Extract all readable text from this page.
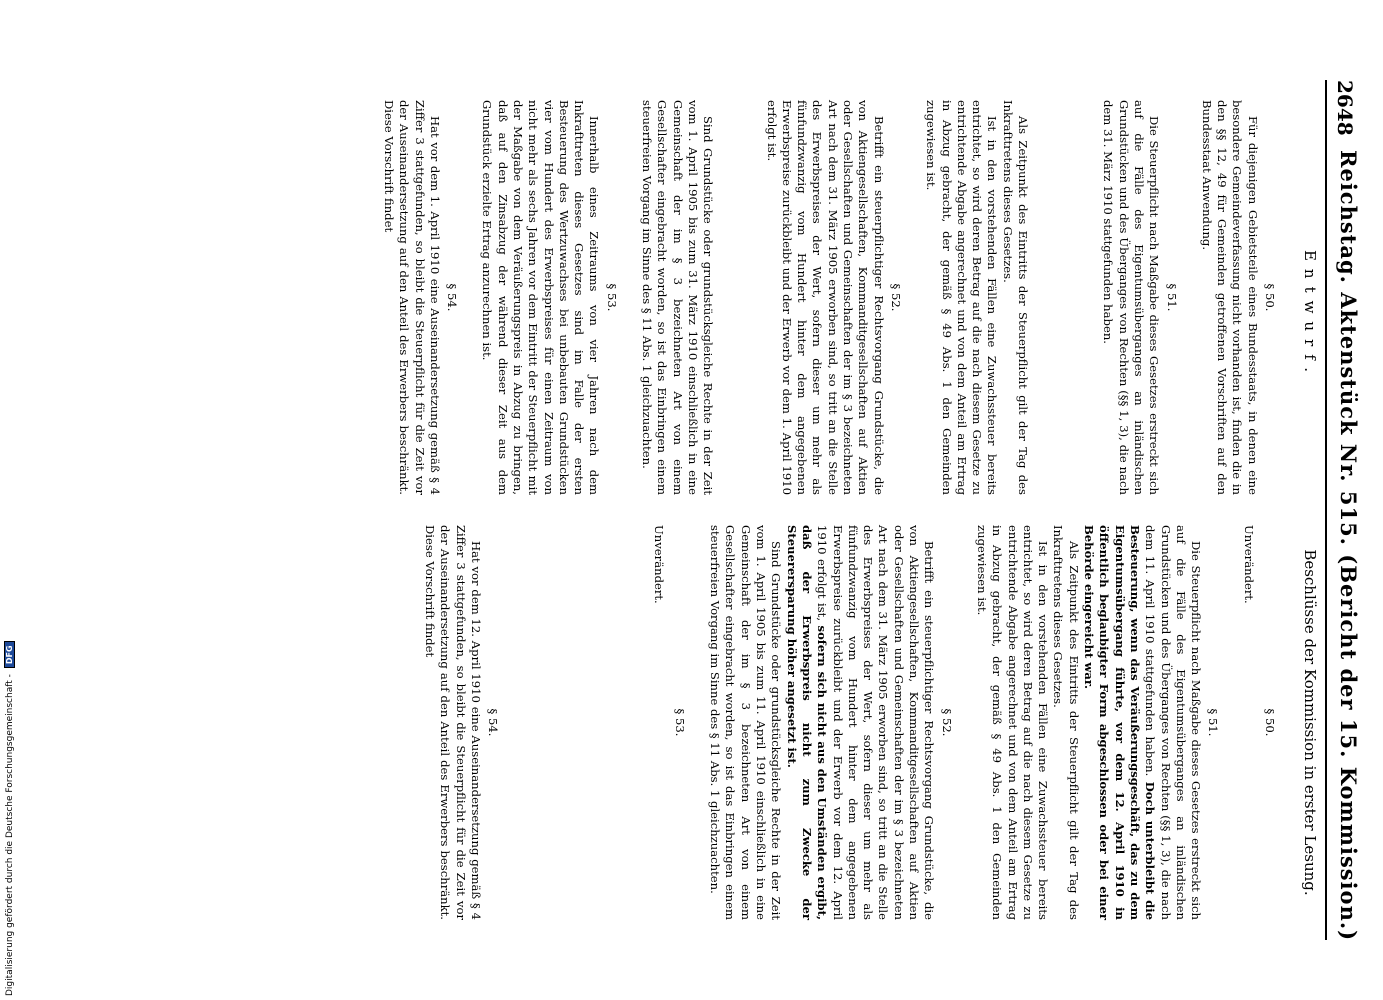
2648
Reichstag. Aktenstück Nr. 515. (Bericht der 15. Kommission.)
Entwurf.
Beschlüsse der Kommission in erster Lesung.
§ 50.

Für diejenigen Gebietsteile eines Bundesstaats, in denen eine besondere Gemeindeverfassung nicht vorhanden ist, finden die in den §§ 12, 49 für Gemeinden getroffenen Vorschriften auf den Bundesstaat Anwendung.

§ 51.

Die Steuerpflicht nach Maßgabe dieses Gesetzes erstreckt sich auf die Fälle des Eigentumsüberganges an inländischen Grundstücken und des Überganges von Rechten (§§ 1, 3), die nach dem 31. März 1910 stattgefunden haben.

Als Zeitpunkt des Eintritts der Steuerpflicht gilt der Tag des Inkrafttretens dieses Gesetzes.

Ist in den vorstehenden Fällen eine Zuwachssteuer bereits entrichtet, so wird deren Betrag auf die nach diesem Gesetze zu entrichtende Abgabe angerechnet und von dem Anteil am Ertrag in Abzug gebracht, der gemäß § 49 Abs. 1 den Gemeinden zugewiesen ist.

§ 52.

Betrifft ein steuerpflichtiger Rechtsvorgang Grundstücke, die von Aktiengesellschaften, Kommanditgesellschaften auf Aktien oder Gesellschaften und Gemeinschaften der im § 3 bezeichneten Art nach dem 31. März 1905 erworben sind, so tritt an die Stelle des Erwerbspreises der Wert, sofern dieser um mehr als fünfundzwanzig vom Hundert hinter dem angegebenen Erwerbspreise zurückbleibt und der Erwerb vor dem 1. April 1910 erfolgt ist.

Sind Grundstücke oder grundstücksgleiche Rechte in der Zeit vom 1. April 1905 bis zum 31. März 1910 einschließlich in eine Gemeinschaft der im § 3 bezeichneten Art von einem Gesellschafter eingebracht worden, so ist das Einbringen einem steuerfreien Vorgang im Sinne des § 11 Abs. 1 gleichzuachten.

§ 53.

Innerhalb eines Zeitraums von vier Jahren nach dem Inkrafttreten dieses Gesetzes sind im Falle der ersten Besteuerung des Wertzuwachses bei unbebauten Grundstücken vier vom Hundert des Erwerbspreises für einen Zeitraum von nicht mehr als sechs Jahren vor dem Eintritt der Steuerpflicht mit der Maßgabe von dem Veräußerungspreis in Abzug zu bringen, daß auf den Zinsabzug der während dieser Zeit aus dem Grundstück erzielte Ertrag anzurechnen ist.

§ 54.

Hat vor dem 1. April 1910 eine Auseinandersetzung gemäß § 4 Ziffer 3 stattgefunden, so bleibt die Steuerpflicht für die Zeit vor der Auseinandersetzung auf den Anteil des Erwerbers beschränkt. Diese Vorschrift findet

§ 50.

Unverändert.

§ 51.

Die Steuerpflicht nach Maßgabe dieses Gesetzes erstreckt sich auf die Fälle des Eigentumsüberganges an inländischen Grundstücken und des Überganges von Rechten (§§ 1, 3), die nach dem 11. April 1910 stattgefunden haben. Doch unterbleibt die Besteuerung, wenn das Veräußerungsgeschäft, das zu dem Eigentumsübergang führte, vor dem 12. April 1910 in öffentlich beglaubigter Form abgeschlossen oder bei einer Behörde eingereicht war.

Als Zeitpunkt des Eintritts der Steuerpflicht gilt der Tag des Inkrafttretens dieses Gesetzes.

Ist in den vorstehenden Fällen eine Zuwachssteuer bereits entrichtet, so wird deren Betrag auf die nach diesem Gesetze zu entrichtende Abgabe angerechnet und von dem Anteil am Ertrag in Abzug gebracht, der gemäß § 49 Abs. 1 den Gemeinden zugewiesen ist.

§ 52.

Betrifft ein steuerpflichtiger Rechtsvorgang Grundstücke, die von Aktiengesellschaften, Kommanditgesellschaften auf Aktien oder Gesellschaften und Gemeinschaften der im § 3 bezeichneten Art nach dem 31. März 1905 erworben sind, so tritt an die Stelle des Erwerbspreises der Wert, sofern dieser um mehr als fünfundzwanzig vom Hundert hinter dem angegebenen Erwerbspreise zurückbleibt und der Erwerb vor dem 12. April 1910 erfolgt ist, sofern sich nicht aus den Umständen ergibt, daß der Erwerbspreis nicht zum Zwecke der Steuerersparung höher angesetzt ist.

Sind Grundstücke oder grundstücksgleiche Rechte in der Zeit vom 1. April 1905 bis zum 11. April 1910 einschließlich in eine Gemeinschaft der im § 3 bezeichneten Art von einem Gesellschafter eingebracht worden, so ist das Einbringen einem steuerfreien Vorgang im Sinne des § 11 Abs. 1 gleichzuachten.

§ 53.

Unverändert.

§ 54.

Hat vor dem 12. April 1910 eine Auseinandersetzung gemäß § 4 Ziffer 3 stattgefunden, so bleibt die Steuerpflicht für die Zeit vor der Auseinandersetzung auf den Anteil des Erwerbers beschränkt. Diese Vorschrift findet

Digitalisierung gefördert durch die Deutsche Forschungsgemeinschaft -DFG
